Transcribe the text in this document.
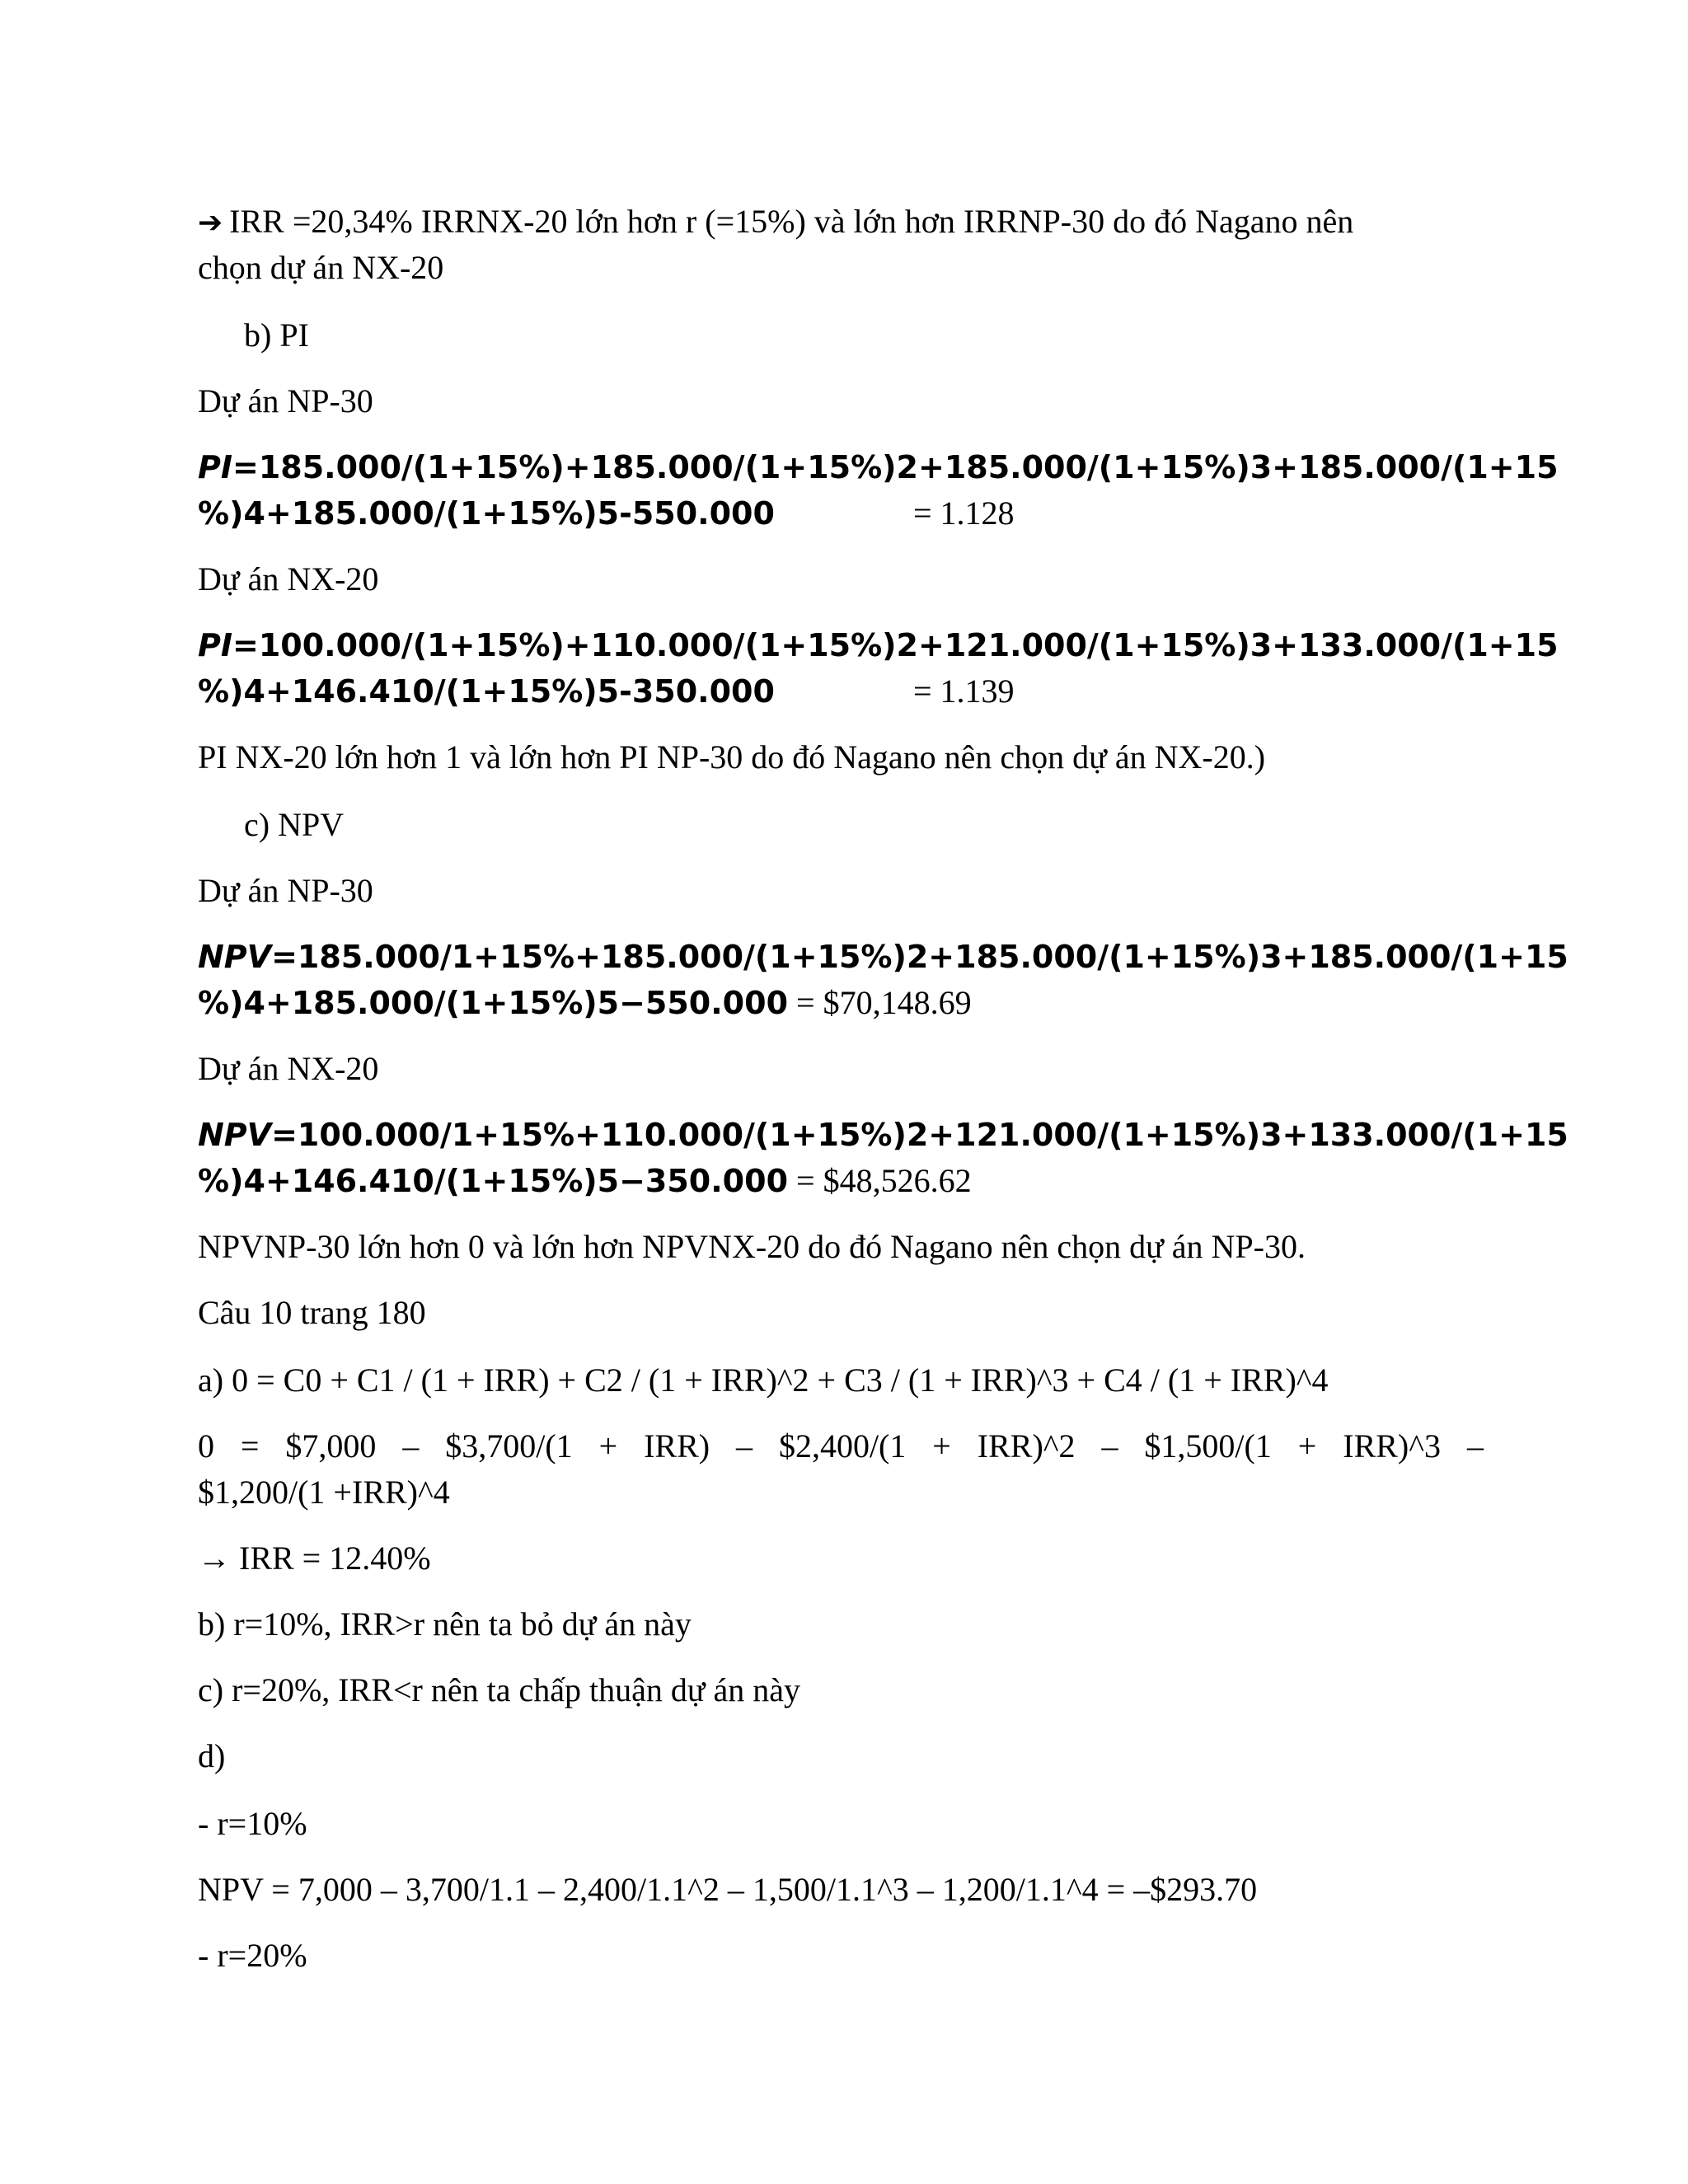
➔ IRR =20,34% IRRNX-20 lớn hơn r (=15%) và lớn hơn IRRNP-30 do đó Nagano nên
chọn dự án NX-20
b) PI
Dự án NP-30
PI=185.000/(1+15%)+185.000/(1+15%)2+185.000/(1+15%)3+185.000/(1+15
%)4+185.000/(1+15%)5-550.000	= 1.128
Dự án NX-20
PI=100.000/(1+15%)+110.000/(1+15%)2+121.000/(1+15%)3+133.000/(1+15
%)4+146.410/(1+15%)5-350.000	= 1.139
PI NX-20 lớn hơn 1 và lớn hơn PI NP-30 do đó Nagano nên chọn dự án NX-20.)
c) NPV
Dự án NP-30
NPV=185.000/1+15%+185.000/(1+15%)2+185.000/(1+15%)3+185.000/(1+15
%)4+185.000/(1+15%)5−550.000 = $70,148.69
Dự án NX-20
NPV=100.000/1+15%+110.000/(1+15%)2+121.000/(1+15%)3+133.000/(1+15
%)4+146.410/(1+15%)5−350.000 = $48,526.62
NPVNP-30 lớn hơn 0 và lớn hơn NPVNX-20 do đó Nagano nên chọn dự án NP-30.
Câu 10 trang 180
a) 0 = C0 + C1 / (1 + IRR) + C2 / (1 + IRR)^2 + C3 / (1 + IRR)^3 + C4 / (1 + IRR)^4
0 = $7,000 – $3,700/(1 + IRR) – $2,400/(1 + IRR)^2 – $1,500/(1 + IRR)^3 –
$1,200/(1 +IRR)^4
→ IRR = 12.40%
b) r=10%, IRR>r nên ta bỏ dự án này
c) r=20%, IRR<r nên ta chấp thuận dự án này
d)
- r=10%
NPV = 7,000 – 3,700/1.1 – 2,400/1.1^2 – 1,500/1.1^3 – 1,200/1.1^4 = –$293.70
- r=20%
